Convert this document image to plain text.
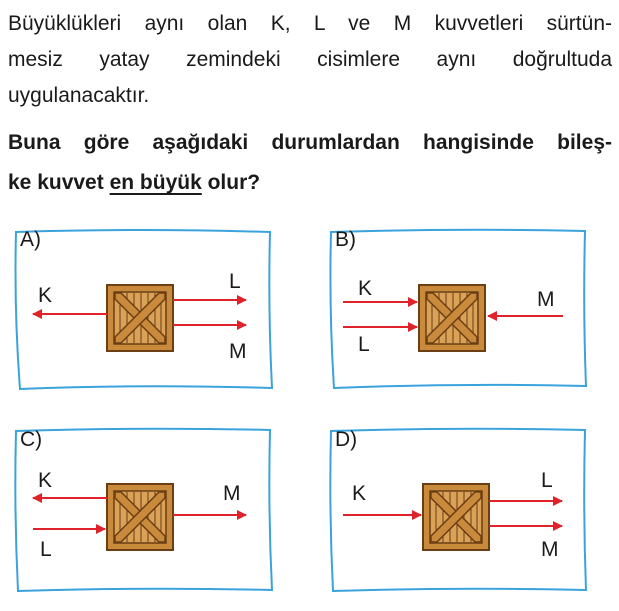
Büyüklükleri aynı olan K, L ve M kuvvetleri sürtün-
mesiz yatay zemindeki cisimlere aynı doğrultuda
uygulanacaktır.

Buna göre aşağıdaki durumlardan hangisinde bileş-
ke kuvvet en büyük olur?

A)
K
L
M
B)
K
L
M
C)
K
L
M
D)
K
L
M
